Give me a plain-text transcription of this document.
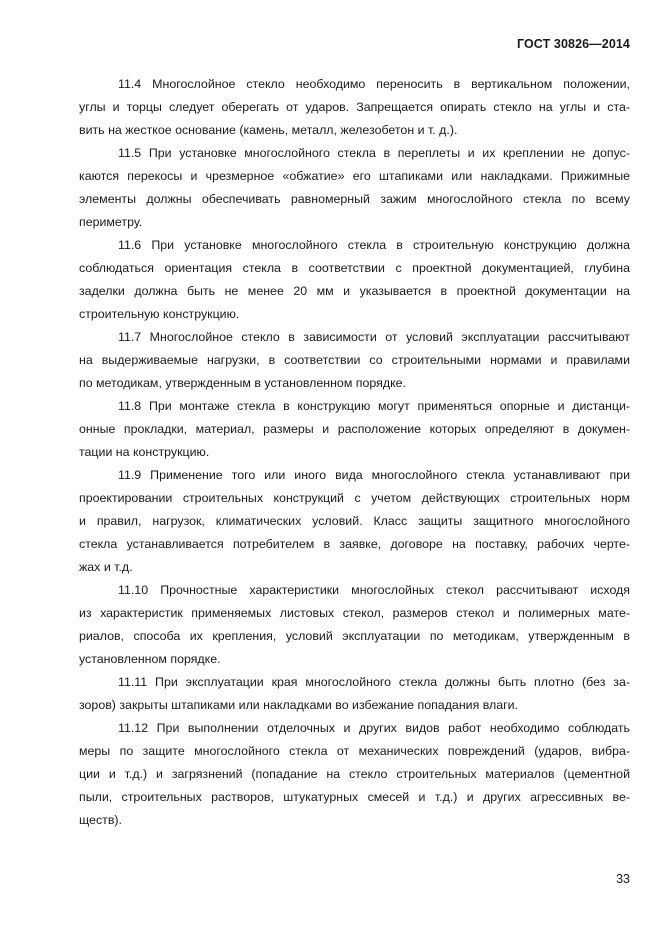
ГОСТ 30826—2014
11.4 Многослойное стекло необходимо переносить в вертикальном положении,
углы и торцы следует оберегать от ударов. Запрещается опирать стекло на углы и ста-
вить на жесткое основание (камень, металл, железобетон и т. д.).
11.5 При установке многослойного стекла в переплеты и их креплении не допус-
каются перекосы и чрезмерное «обжатие» его штапиками или накладками. Прижимные
элементы должны обеспечивать равномерный зажим многослойного стекла по всему
периметру.
11.6 При установке многослойного стекла в строительную конструкцию должна
соблюдаться ориентация стекла в соответствии с проектной документацией, глубина
заделки должна быть не менее 20 мм и указывается в проектной документации на
строительную конструкцию.
11.7 Многослойное стекло в зависимости от условий эксплуатации рассчитывают
на выдерживаемые нагрузки, в соответствии со строительными нормами и правилами
по методикам, утвержденным в установленном порядке.
11.8 При монтаже стекла в конструкцию могут применяться опорные и дистанци-
онные прокладки, материал, размеры и расположение которых определяют в докумен-
тации на конструкцию.
11.9 Применение того или иного вида многослойного стекла устанавливают при
проектировании строительных конструкций с учетом действующих строительных норм
и правил, нагрузок, климатических условий. Класс защиты защитного многослойного
стекла устанавливается потребителем в заявке, договоре на поставку, рабочих черте-
жах и т.д.
11.10 Прочностные характеристики многослойных стекол рассчитывают исходя
из характеристик применяемых листовых стекол, размеров стекол и полимерных мате-
риалов, способа их крепления, условий эксплуатации по методикам, утвержденным в
установленном порядке.
11.11 При эксплуатации края многослойного стекла должны быть плотно (без за-
зоров) закрыты штапиками или накладками во избежание попадания влаги.
11.12 При выполнении отделочных и других видов работ необходимо соблюдать
меры по защите многослойного стекла от механических повреждений (ударов, вибра-
ции и т.д.) и загрязнений (попадание на стекло строительных материалов (цементной
пыли, строительных растворов, штукатурных смесей и т.д.) и других агрессивных ве-
ществ).
33
